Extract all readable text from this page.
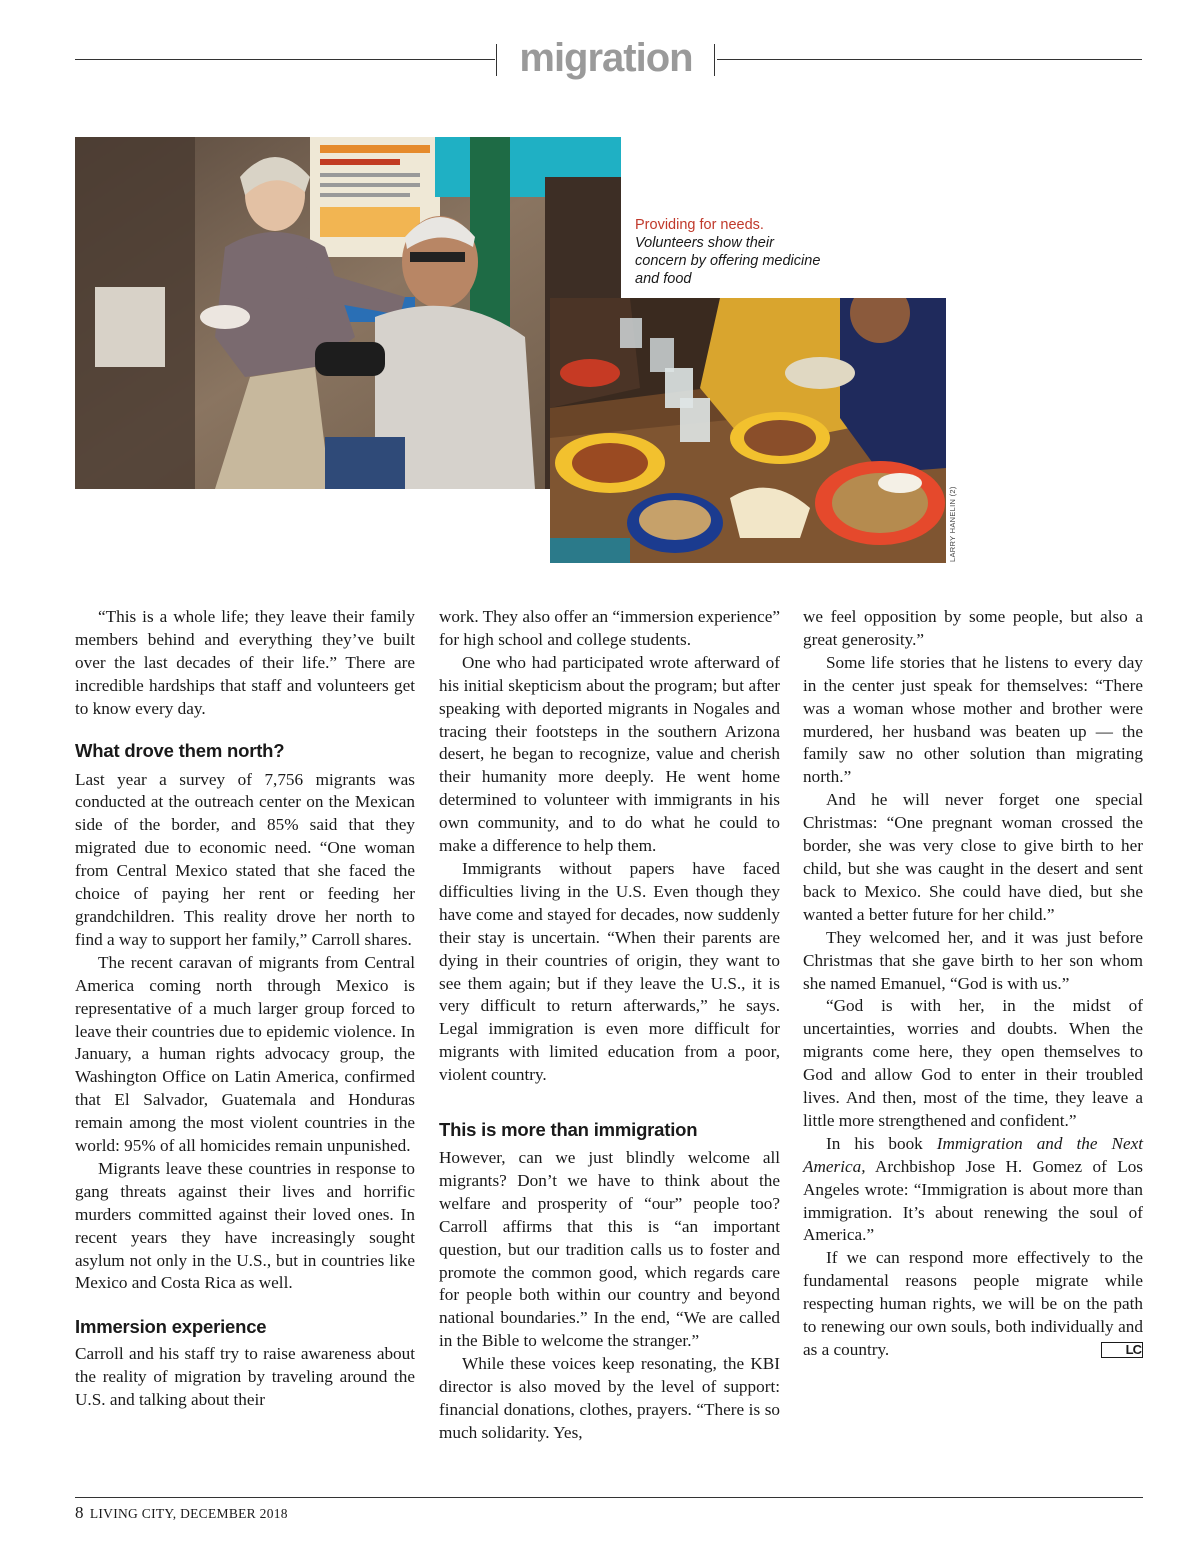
migration
Providing for needs.
Volunteers show their concern by offering medicine and food
LARRY HANELIN (2)

“This is a whole life; they leave their family members behind and everything they’ve built over the last decades of their life.” There are incredible hardships that staff and volunteers get to know every day.

What drove them north?

Last year a survey of 7,756 migrants was conducted at the outreach center on the Mexican side of the border, and 85% said that they migrated due to economic need. “One woman from Central Mexico stated that she faced the choice of paying her rent or feeding her grandchildren. This reality drove her north to find a way to support her family,” Carroll shares.

The recent caravan of migrants from Central America coming north through Mexico is representative of a much larger group forced to leave their countries due to epidemic violence. In January, a human rights advocacy group, the Washington Office on Latin America, confirmed that El Salvador, Guatemala and Honduras remain among the most violent countries in the world: 95% of all homicides remain unpunished.

Migrants leave these countries in response to gang threats against their lives and horrific murders committed against their loved ones. In recent years they have increasingly sought asylum not only in the U.S., but in countries like Mexico and Costa Rica as well.

Immersion experience

Carroll and his staff try to raise awareness about the reality of migration by traveling around the U.S. and talking about their

work. They also offer an “immersion experience” for high school and college students.

One who had participated wrote afterward of his initial skepticism about the program; but after speaking with deported migrants in Nogales and tracing their footsteps in the southern Arizona desert, he began to recognize, value and cherish their humanity more deeply. He went home determined to volunteer with immigrants in his own community, and to do what he could to make a difference to help them.

Immigrants without papers have faced difficulties living in the U.S. Even though they have come and stayed for decades, now suddenly their stay is uncertain. “When their parents are dying in their countries of origin, they want to see them again; but if they leave the U.S., it is very difficult to return afterwards,” he says. Legal immigration is even more difficult for migrants with limited education from a poor, violent country.

This is more than immigration

However, can we just blindly welcome all migrants? Don’t we have to think about the welfare and prosperity of “our” people too? Carroll affirms that this is “an important question, but our tradition calls us to foster and promote the common good, which regards care for people both within our country and beyond national boundaries.” In the end, “We are called in the Bible to welcome the stranger.”

While these voices keep resonating, the KBI director is also moved by the level of support: financial donations, clothes, prayers. “There is so much solidarity. Yes,

we feel opposition by some people, but also a great generosity.”

Some life stories that he listens to every day in the center just speak for themselves: “There was a woman whose mother and brother were murdered, her husband was beaten up — the family saw no other solution than migrating north.”

And he will never forget one special Christmas: “One pregnant woman crossed the border, she was very close to give birth to her child, but she was caught in the desert and sent back to Mexico. She could have died, but she wanted a better future for her child.”

They welcomed her, and it was just before Christmas that she gave birth to her son whom she named Emanuel, “God is with us.”

“God is with her, in the midst of uncertainties, worries and doubts. When the migrants come here, they open themselves to God and allow God to enter in their troubled lives. And then, most of the time, they leave a little more strengthened and confident.”

In his book Immigration and the Next America, Archbishop Jose H. Gomez of Los Angeles wrote: “Immigration is about more than immigration. It’s about renewing the soul of America.”

If we can respond more effectively to the fundamental reasons people migrate while respecting human rights, we will be on the path to renewing our own souls, both individually and as a country.	LC

8 LIVING CITY, DECEMBER 2018
